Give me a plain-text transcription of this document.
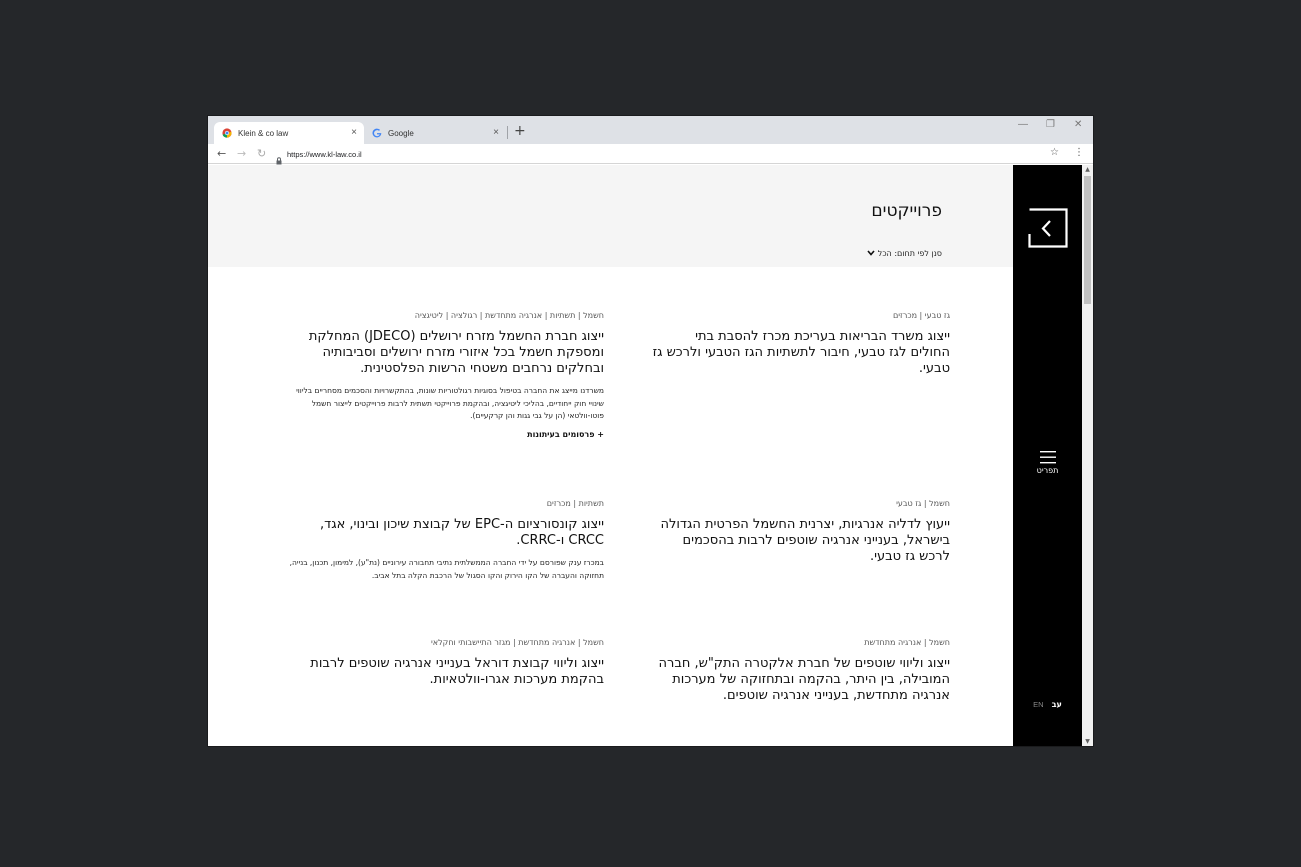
Klein & co law	×	Google	× +	— ❐ ✕
← → ↻	https://www.kl-law.co.il	☆ ⋮
פרוייקטים
סנן לפי תחום: הכל
גז טבעי | מכרזים
ייצוג משרד הבריאות בעריכת מכרז להסבת בתי החולים לגז טבעי, חיבור לתשתיות הגז הטבעי ולרכש גז טבעי.
חשמל | תשתיות | אנרגיה מתחדשת | רגולציה | ליטיגציה
ייצוג חברת החשמל מזרח ירושלים (JDECO) המחלקת ומספקת חשמל בכל איזורי מזרח ירושלים וסביבותיה ובחלקים נרחבים משטחי הרשות הפלסטינית.
משרדנו מייצג את החברה בטיפול בסוגיות רגולטוריות שונות, בהתקשרויות והסכמים מסחריים בליווי שינויי חוק ייחודיים, בהליכי ליטיגציה, ובהקמת פרוייקטי תשתית לרבות פרוייקטים לייצור חשמל פוטו-וולטאי (הן על גבי גגות והן קרקעיים).
+ פרסומים בעיתונות
חשמל | גז טבעי
ייעוץ לדליה אנרגיות, יצרנית החשמל הפרטית הגדולה בישראל, בענייני אנרגיה שוטפים לרבות בהסכמים לרכש גז טבעי.
תשתיות | מכרזים
ייצוג קונסורציום ה-EPC של קבוצת שיכון ובינוי, אגד, CRCC ו-CRRC.
במכרז ענק שפורסם על ידי החברה הממשלתית נתיבי תחבורה עירוניים (נת"ע), למימון, תכנון, בנייה, תחזוקה והעברה של הקו הירוק והקו הסגול של הרכבת הקלה בתל אביב.
חשמל | אנרגיה מתחדשת
ייצוג וליווי שוטפים של חברת אלקטרה התק"ש, חברה המובילה, בין היתר, בהקמה ובתחזוקה של מערכות אנרגיה מתחדשת, בענייני אנרגיה שוטפים.
חשמל | אנרגיה מתחדשת | מגזר התיישבותי וחקלאי
ייצוג וליווי קבוצת דוראל בענייני אנרגיה שוטפים לרבות בהקמת מערכות אגרו-וולטאיות.
תפריט
EN עב
▲
▼
